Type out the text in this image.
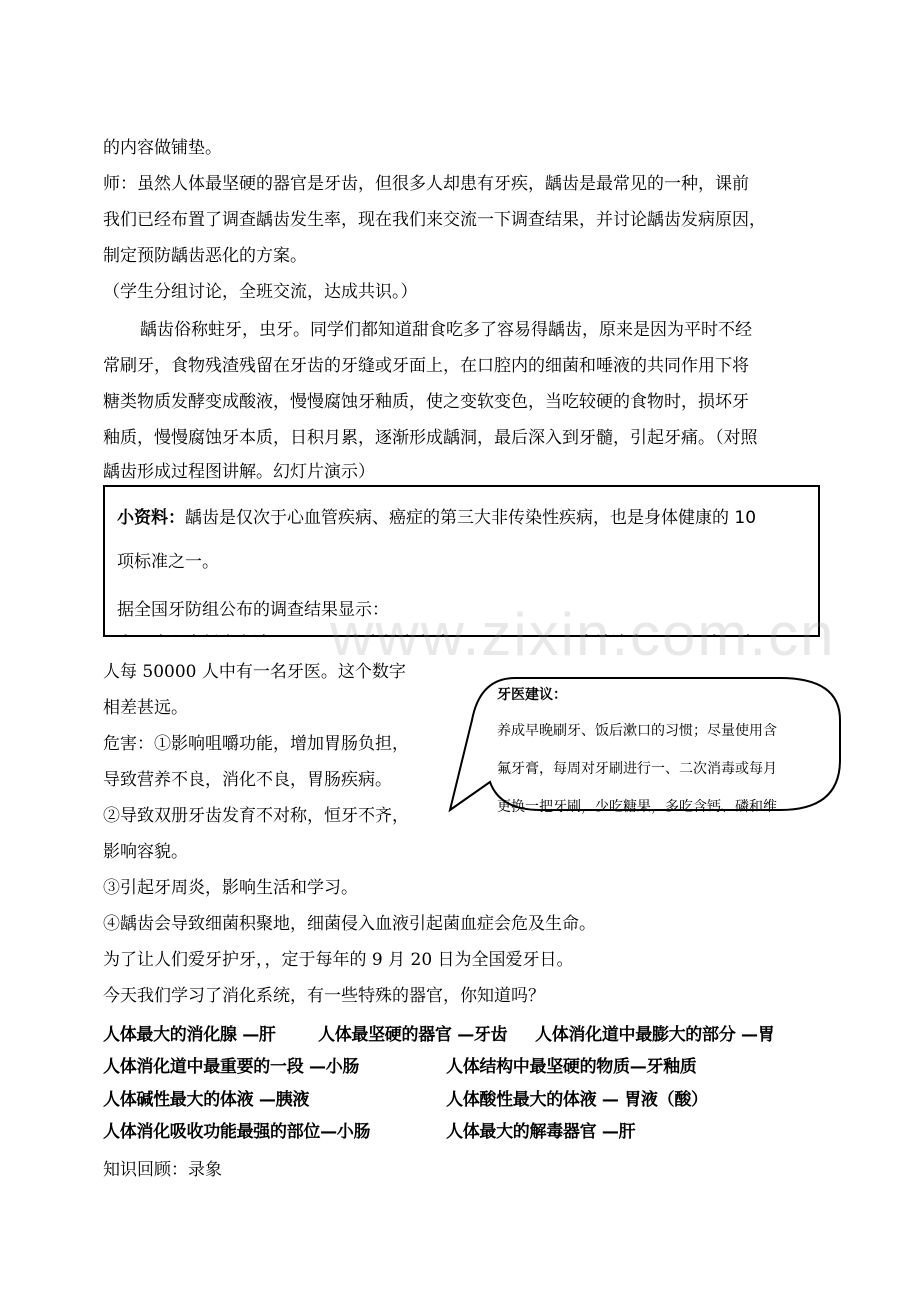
的内容做铺垫。
师：虽然人体最坚硬的器官是牙齿，但很多人却患有牙疾，龋齿是最常见的一种，课前
我们已经布置了调查龋齿发生率，现在我们来交流一下调查结果，并讨论龋齿发病原因，
制定预防龋齿恶化的方案。
（学生分组讨论，全班交流，达成共识。）
龋齿俗称蛀牙，虫牙。同学们都知道甜食吃多了容易得龋齿，原来是因为平时不经
常刷牙，食物残渣残留在牙齿的牙缝或牙面上，在口腔内的细菌和唾液的共同作用下将
糖类物质发酵变成酸液，慢慢腐蚀牙釉质，使之变软变色，当吃较硬的食物时，损坏牙
釉质，慢慢腐蚀牙本质，日积月累，逐渐形成龋洞，最后深入到牙髓，引起牙痛。（对照
龋齿形成过程图讲解。幻灯片演示）
小资料：龋齿是仅次于心血管疾病、癌症的第三大非传染性疾病，也是身体健康的 10
项标准之一。
据全国牙防组公布的调查结果显示：
www.zixin.com.cn
人每 50000 人中有一名牙医。这个数字
相差甚远。
危害：①影响咀嚼功能，增加胃肠负担，
导致营养不良，消化不良，胃肠疾病。
②导致双册牙齿发育不对称，恒牙不齐，
影响容貌。
③引起牙周炎，影响生活和学习。
④龋齿会导致细菌积聚地，细菌侵入血液引起菌血症会危及生命。
为了让人们爱牙护牙，，定于每年的 9 月 20 日为全国爱牙日。
今天我们学习了消化系统，有一些特殊的器官，你知道吗？
牙医建议：
养成早晚刷牙、饭后漱口的习惯；尽量使用含
氟牙膏，每周对牙刷进行一、二次消毒或每月
更换一把牙刷，少吃糖果，多吃含钙、磷和维
人体最大的消化腺 —肝 人体最坚硬的器官 —牙齿 人体消化道中最膨大的部分 —胃
人体消化道中最重要的一段 —小肠	人体结构中最坚硬的物质—牙釉质
人体碱性最大的体液 —胰液	人体酸性最大的体液 — 胃液（酸）
人体消化吸收功能最强的部位—小肠	人体最大的解毒器官 —肝
知识回顾：录象
